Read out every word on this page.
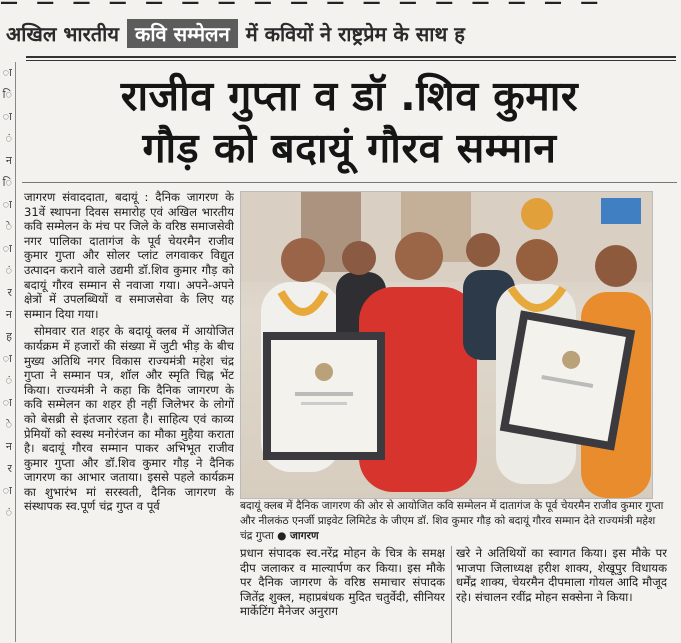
अखिल भारतीय कवि सम्मेलन में कवियों ने राष्ट्रप्रेम के साथ ह
ा ि ा ं न ि ा े ा ं र न ह ा ं ा े न र ा ं
राजीव गुप्ता व डॉ .शिव कुमार
गौड़ को बदायूं गौरव सम्मान

जागरण संवाददाता, बदायूं : दैनिक जागरण के 31वें स्थापना दिवस समारोह एवं अखिल भारतीय कवि सम्मेलन के मंच पर जिले के वरिष्ठ समाजसेवी नगर पालिका दातागंज के पूर्व चेयरमैन राजीव कुमार गुप्ता और सोलर प्लांट लगवाकर विद्युत उत्पादन कराने वाले उद्यमी डॉ.शिव कुमार गौड़ को बदायूं गौरव सम्मान से नवाजा गया। अपने-अपने क्षेत्रों में उपलब्धियों व समाजसेवा के लिए यह सम्मान दिया गया।

सोमवार रात शहर के बदायूं क्लब में आयोजित कार्यक्रम में हजारों की संख्या में जुटी भीड़ के बीच मुख्य अतिथि नगर विकास राज्यमंत्री महेश चंद्र गुप्ता ने सम्मान पत्र, शॉल और स्मृति चिह्न भेंट किया। राज्यमंत्री ने कहा कि दैनिक जागरण के कवि सम्मेलन का शहर ही नहीं जिलेभर के लोगों को बेसब्री से इंतजार रहता है। साहित्य एवं काव्य प्रेमियों को स्वस्थ मनोरंजन का मौका मुहैया कराता है। बदायूं गौरव सम्मान पाकर अभिभूत राजीव कुमार गुप्ता और डॉ.शिव कुमार गौड़ ने दैनिक जागरण का आभार जताया। इससे पहले कार्यक्रम का शुभारंभ मां सरस्वती, दैनिक जागरण के संस्थापक स्व.पूर्ण चंद्र गुप्त व पूर्व	बदायूं क्लब में दैनिक जागरण की ओर से आयोजित कवि सम्मेलन में दातागंज के पूर्व चेयरमैन राजीव कुमार गुप्ता और नीलकंठ एनर्जी प्राइवेट लिमिटेड के जीएम डॉ. शिव कुमार गौड़ को बदायूं गौरव सम्मान देते राज्यमंत्री महेश चंद्र गुप्ता ● जागरण

प्रधान संपादक स्व.नरेंद्र मोहन के चित्र के समक्ष दीप जलाकर व माल्यार्पण कर किया। इस मौके पर दैनिक जागरण के वरिष्ठ समाचार संपादक जितेंद्र शुक्ल, महाप्रबंधक मुदित चतुर्वेदी, सीनियर मार्केटिंग मैनेजर अनुराग

खरे ने अतिथियों का स्वागत किया। इस मौके पर भाजपा जिलाध्यक्ष हरीश शाक्य, शेखूपुर विधायक धर्मेंद्र शाक्य, चेयरमैन दीपमाला गोयल आदि मौजूद रहे। संचालन रवींद्र मोहन सक्सेना ने किया।
